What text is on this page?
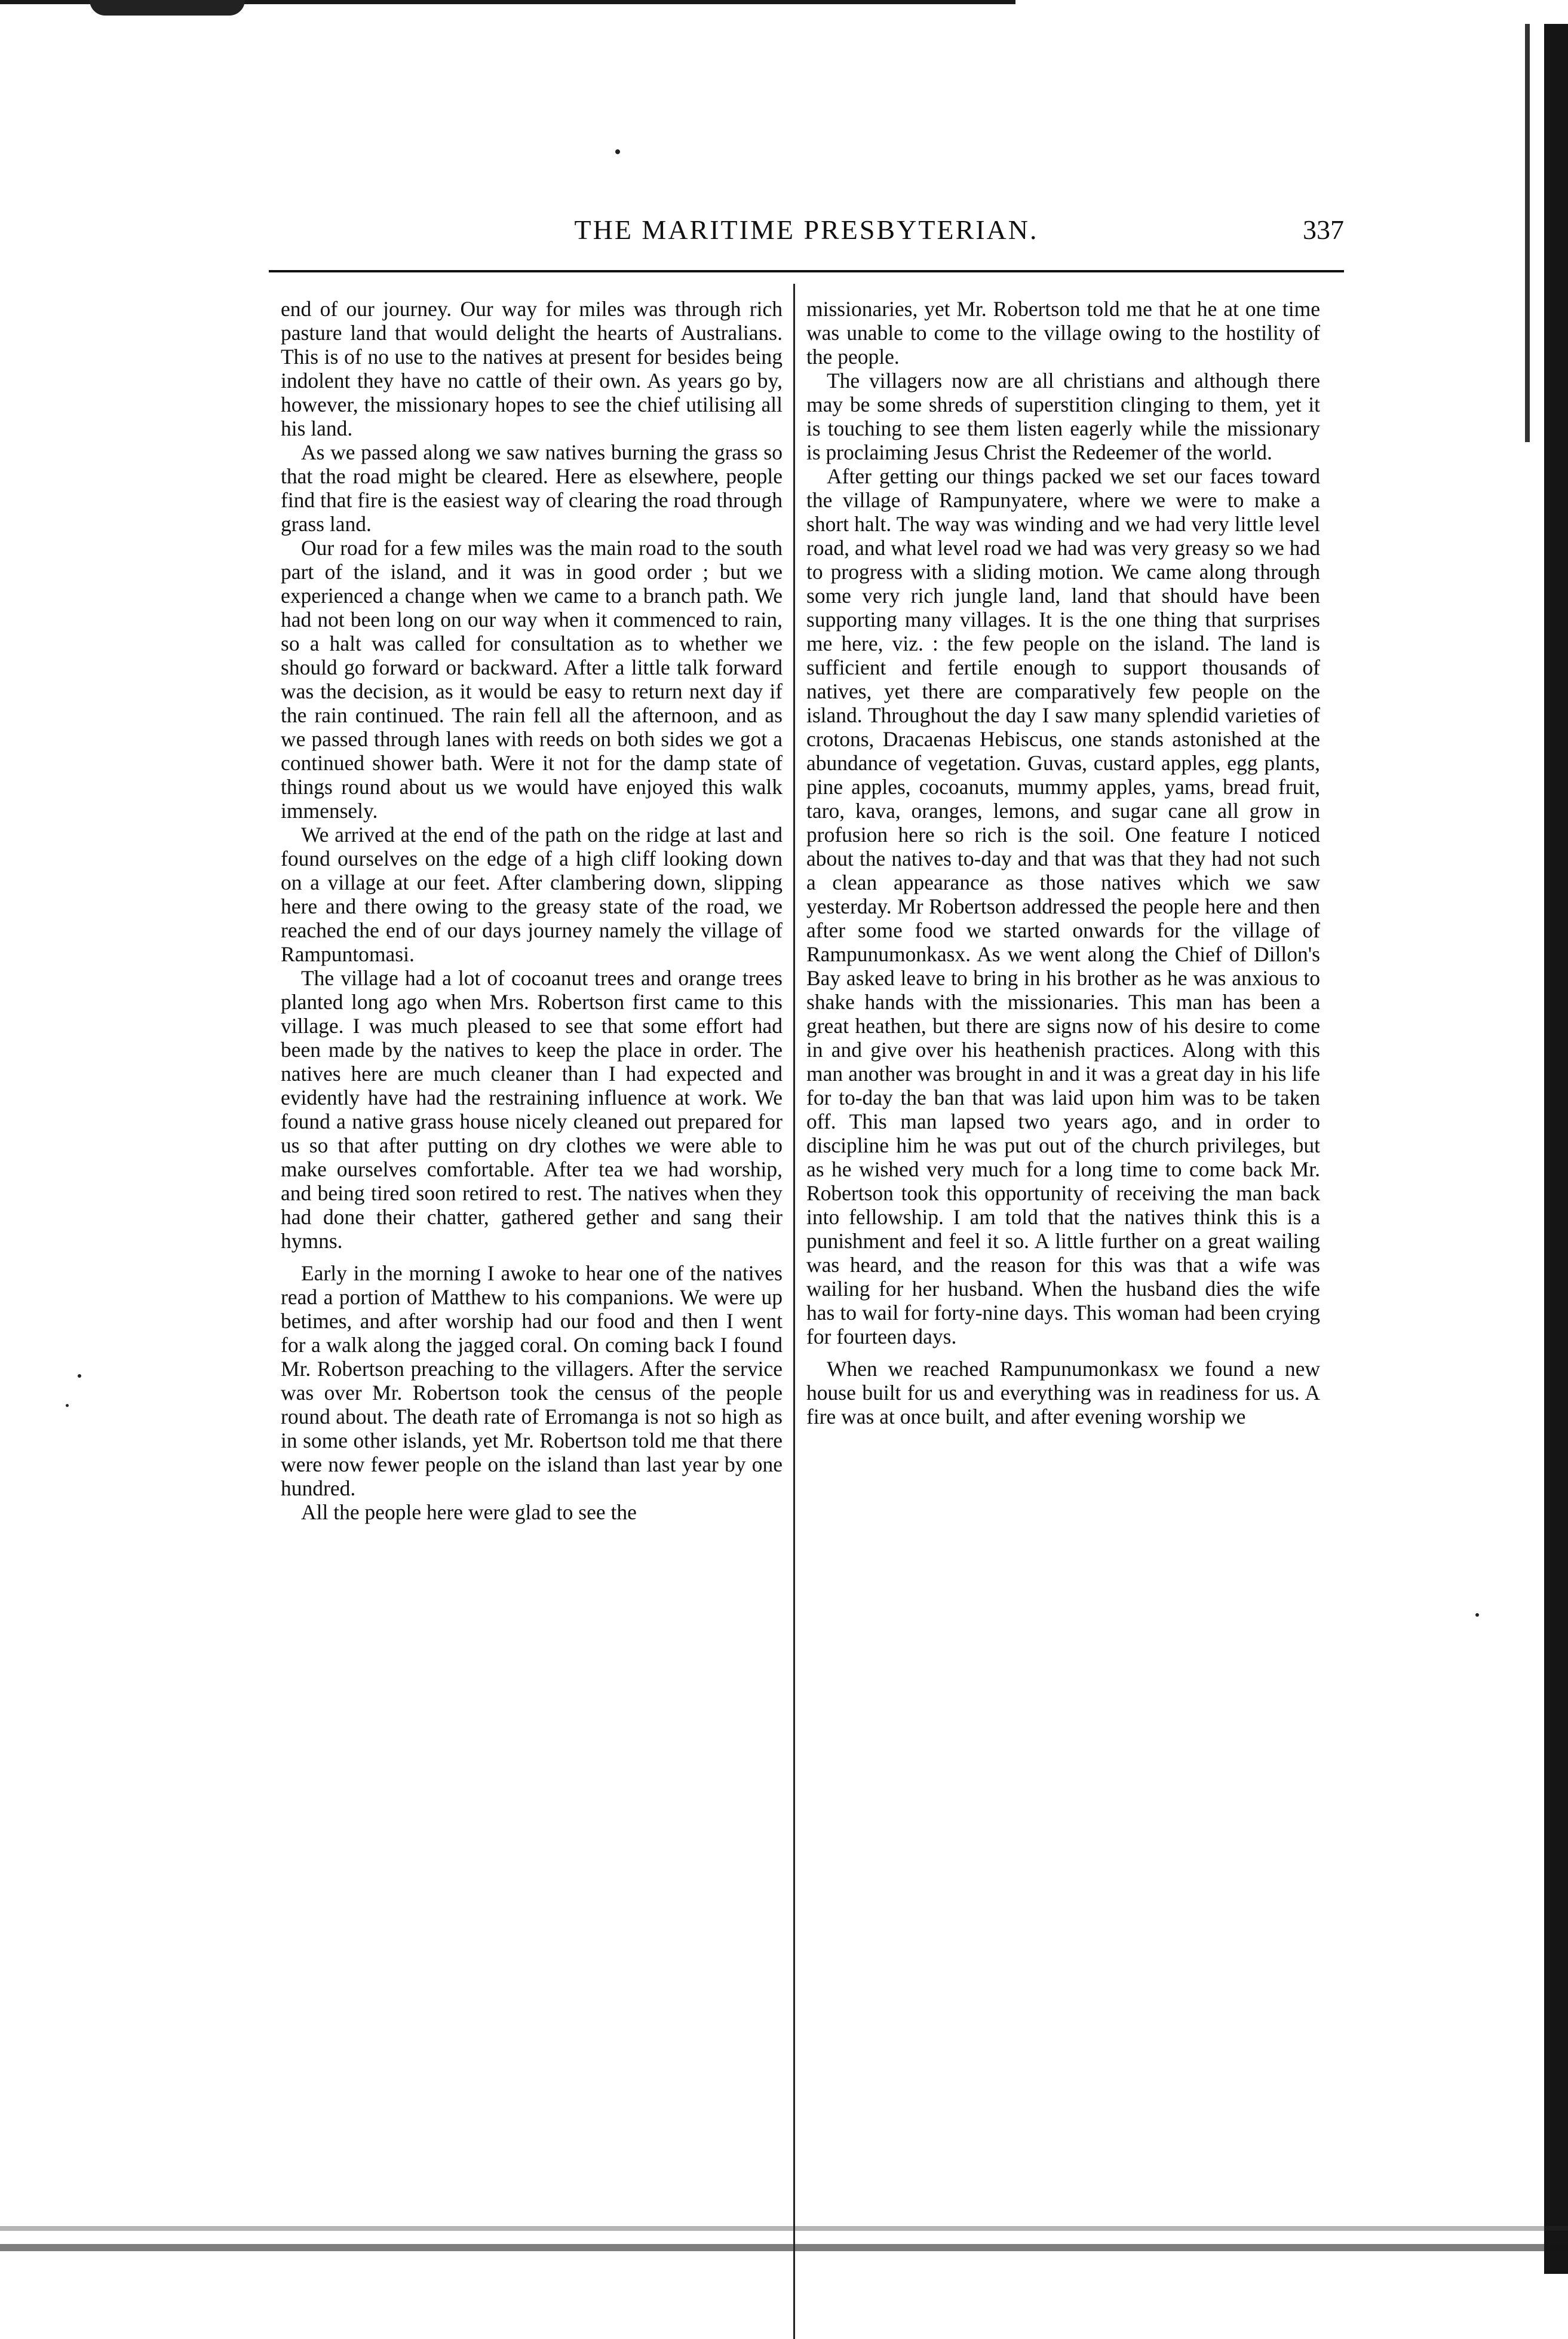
THE MARITIME PRESBYTERIAN.	337

end of our journey. Our way for miles was through rich pasture land that would delight the hearts of Australians. This is of no use to the natives at present for besides being indolent they have no cattle of their own. As years go by, however, the missionary hopes to see the chief utilising all his land.

As we passed along we saw natives burning the grass so that the road might be cleared. Here as elsewhere, people find that fire is the easiest way of clearing the road through grass land.

Our road for a few miles was the main road to the south part of the island, and it was in good order ; but we experienced a change when we came to a branch path. We had not been long on our way when it commenced to rain, so a halt was called for consultation as to whether we should go forward or backward. After a little talk forward was the decision, as it would be easy to return next day if the rain continued. The rain fell all the afternoon, and as we passed through lanes with reeds on both sides we got a continued shower bath. Were it not for the damp state of things round about us we would have enjoyed this walk immensely.

We arrived at the end of the path on the ridge at last and found ourselves on the edge of a high cliff looking down on a village at our feet. After clambering down, slipping here and there owing to the greasy state of the road, we reached the end of our days journey namely the village of Rampuntomasi.

The village had a lot of cocoanut trees and orange trees planted long ago when Mrs. Robertson first came to this village. I was much pleased to see that some effort had been made by the natives to keep the place in order. The natives here are much cleaner than I had expected and evidently have had the restraining influence at work. We found a native grass house nicely cleaned out prepared for us so that after putting on dry clothes we were able to make ourselves comfortable. After tea we had worship, and being tired soon retired to rest. The natives when they had done their chatter, gathered gether and sang their hymns.

Early in the morning I awoke to hear one of the natives read a portion of Matthew to his companions. We were up betimes, and after worship had our food and then I went for a walk along the jagged coral. On coming back I found Mr. Robertson preaching to the villagers. After the service was over Mr. Robertson took the census of the people round about. The death rate of Erromanga is not so high as in some other islands, yet Mr. Robertson told me that there were now fewer people on the island than last year by one hundred.

All the people here were glad to see the

missionaries, yet Mr. Robertson told me that he at one time was unable to come to the village owing to the hostility of the people.

The villagers now are all christians and although there may be some shreds of superstition clinging to them, yet it is touching to see them listen eagerly while the missionary is proclaiming Jesus Christ the Redeemer of the world.

After getting our things packed we set our faces toward the village of Rampunyatere, where we were to make a short halt. The way was winding and we had very little level road, and what level road we had was very greasy so we had to progress with a sliding motion. We came along through some very rich jungle land, land that should have been supporting many villages. It is the one thing that surprises me here, viz. : the few people on the island. The land is sufficient and fertile enough to support thousands of natives, yet there are comparatively few people on the island. Throughout the day I saw many splendid varieties of crotons, Dracaenas Hebiscus, one stands astonished at the abundance of vegetation. Guvas, custard apples, egg plants, pine apples, cocoanuts, mummy apples, yams, bread fruit, taro, kava, oranges, lemons, and sugar cane all grow in profusion here so rich is the soil. One feature I noticed about the natives to-day and that was that they had not such a clean appearance as those natives which we saw yesterday. Mr Robertson addressed the people here and then after some food we started onwards for the village of Rampunumonkasx. As we went along the Chief of Dillon's Bay asked leave to bring in his brother as he was anxious to shake hands with the missionaries. This man has been a great heathen, but there are signs now of his desire to come in and give over his heathenish practices. Along with this man another was brought in and it was a great day in his life for to-day the ban that was laid upon him was to be taken off. This man lapsed two years ago, and in order to discipline him he was put out of the church privileges, but as he wished very much for a long time to come back Mr. Robertson took this opportunity of receiving the man back into fellowship. I am told that the natives think this is a punishment and feel it so. A little further on a great wailing was heard, and the reason for this was that a wife was wailing for her husband. When the husband dies the wife has to wail for forty-nine days. This woman had been crying for fourteen days.

When we reached Rampunumonkasx we found a new house built for us and everything was in readiness for us. A fire was at once built, and after evening worship we
